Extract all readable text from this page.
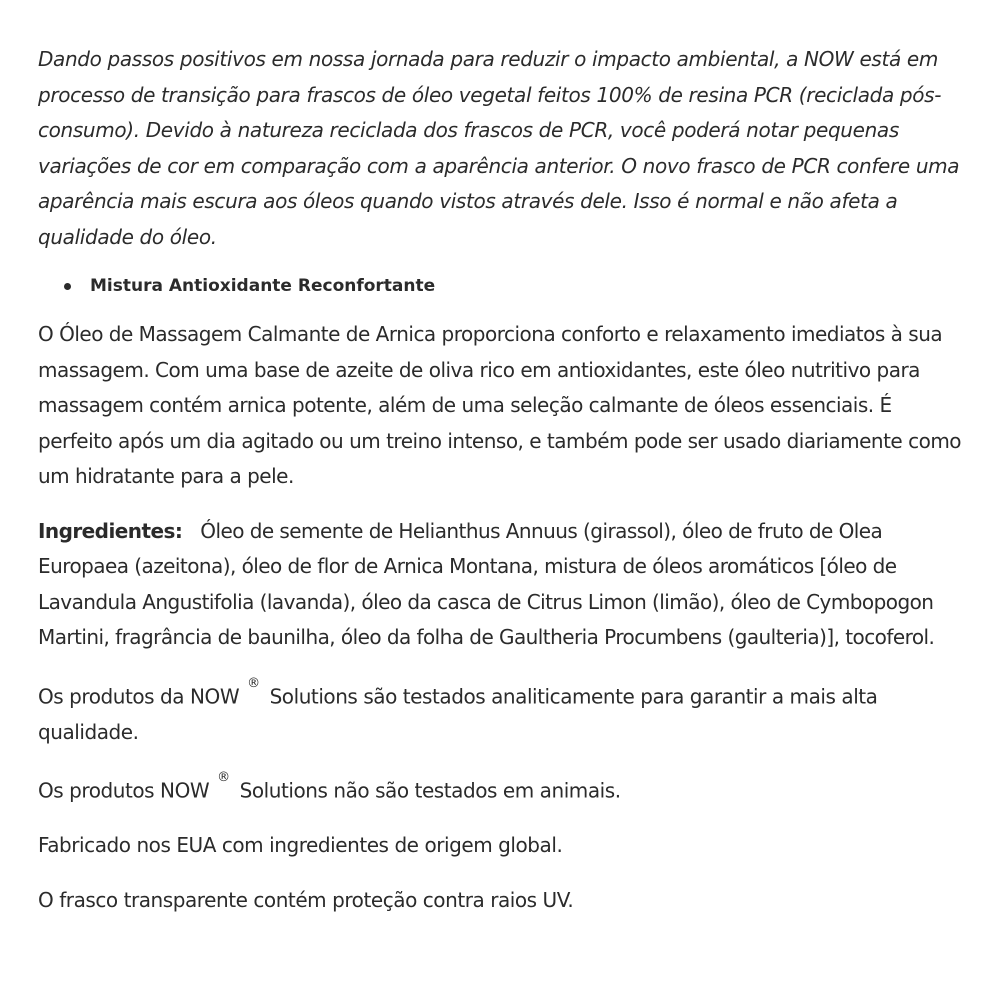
Dando passos positivos em nossa jornada para reduzir o impacto ambiental, a NOW está em processo de transição para frascos de óleo vegetal feitos 100% de resina PCR (reciclada pós-consumo). Devido à natureza reciclada dos frascos de PCR, você poderá notar pequenas variações de cor em comparação com a aparência anterior. O novo frasco de PCR confere uma aparência mais escura aos óleos quando vistos através dele. Isso é normal e não afeta a qualidade do óleo.

Mistura Antioxidante Reconfortante

O Óleo de Massagem Calmante de Arnica proporciona conforto e relaxamento imediatos à sua massagem. Com uma base de azeite de oliva rico em antioxidantes, este óleo nutritivo para massagem contém arnica potente, além de uma seleção calmante de óleos essenciais. É perfeito após um dia agitado ou um treino intenso, e também pode ser usado diariamente como um hidratante para a pele.

Ingredientes: Óleo de semente de Helianthus Annuus (girassol), óleo de fruto de Olea Europaea (azeitona), óleo de flor de Arnica Montana, mistura de óleos aromáticos [óleo de Lavandula Angustifolia (lavanda), óleo da casca de Citrus Limon (limão), óleo de Cymbopogon Martini, fragrância de baunilha, óleo da folha de Gaultheria Procumbens (gaulteria)], tocoferol.

Os produtos da NOW ® Solutions são testados analiticamente para garantir a mais alta qualidade.

Os produtos NOW ® Solutions não são testados em animais.

Fabricado nos EUA com ingredientes de origem global.

O frasco transparente contém proteção contra raios UV.
